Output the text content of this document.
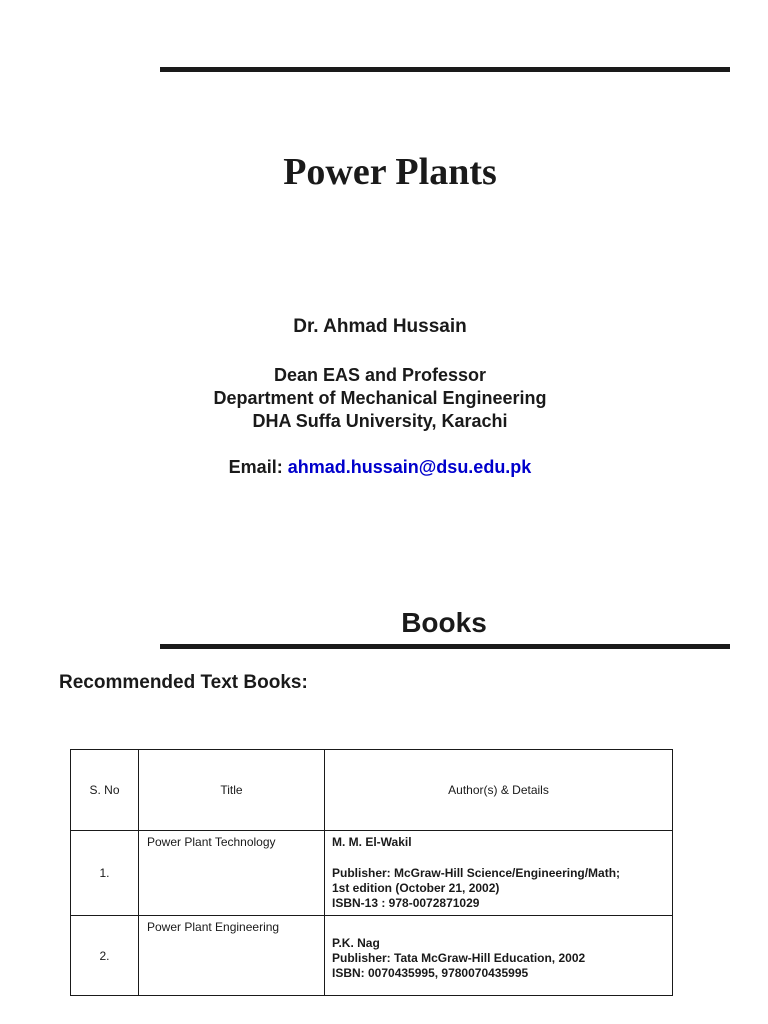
Power Plants
Dr. Ahmad Hussain
Dean EAS and Professor
Department of Mechanical Engineering
DHA Suffa University, Karachi
Email: ahmad.hussain@dsu.edu.pk
Books
Recommended Text Books:
S. No	Title	Author(s) & Details
1.	Power Plant Technology	M. M. El-Wakil
Publisher: McGraw-Hill Science/Engineering/Math;
1st edition (October 21, 2002)
ISBN-13 : 978-0072871029

2.	Power Plant Engineering	P.K. Nag
Publisher: Tata McGraw-Hill Education, 2002
ISBN: 0070435995, 9780070435995
